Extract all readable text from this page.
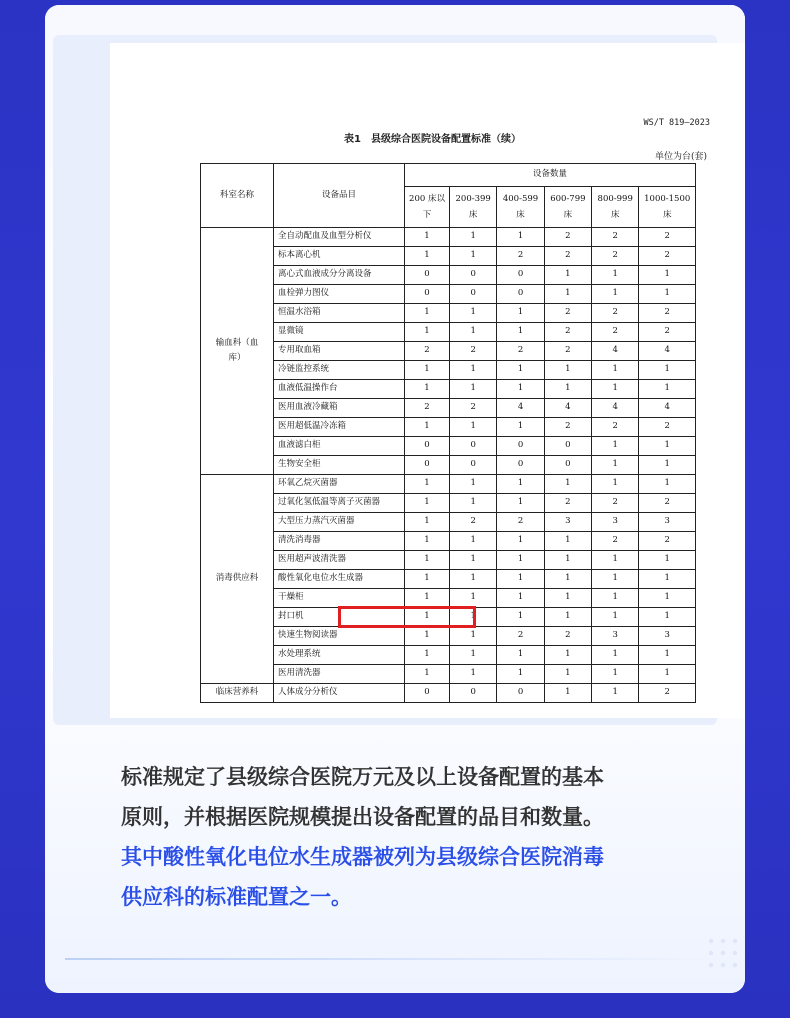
WS/T 819—2023
表1　县级综合医院设备配置标准（续）
单位为台(套)
科室名称	设备品目	设备数量					
		200 床以下	200-399 床	400-599 床	600-799 床	800-999 床	1000-1500 床
输血科（血库）	全自动配血及血型分析仪	1	1	1	2	2	2
	标本离心机	1	1	2	2	2	2
	离心式血液成分分离设备	0	0	0	1	1	1
	血栓弹力图仪	0	0	0	1	1	1
	恒温水浴箱	1	1	1	2	2	2
	显微镜	1	1	1	2	2	2
	专用取血箱	2	2	2	2	4	4
	冷链监控系统	1	1	1	1	1	1
	血液低温操作台	1	1	1	1	1	1
	医用血液冷藏箱	2	2	4	4	4	4
	医用超低温冷冻箱	1	1	1	2	2	2
	血液滤白柜	0	0	0	0	1	1
	生物安全柜	0	0	0	0	1	1
消毒供应科	环氧乙烷灭菌器	1	1	1	1	1	1
	过氧化氢低温等离子灭菌器	1	1	1	2	2	2
	大型压力蒸汽灭菌器	1	2	2	3	3	3
	清洗消毒器	1	1	1	1	2	2
	医用超声波清洗器	1	1	1	1	1	1
	酸性氧化电位水生成器	1	1	1	1	1	1
	干燥柜	1	1	1	1	1	1
	封口机	1	1	1	1	1	1
	快速生物阅读器	1	1	2	2	3	3
	水处理系统	1	1	1	1	1	1
	医用清洗器	1	1	1	1	1	1
临床营养科	人体成分分析仪	0	0	0	1	1	2
标准规定了县级综合医院万元及以上设备配置的基本
原则，并根据医院规模提出设备配置的品目和数量。
其中酸性氧化电位水生成器被列为县级综合医院消毒
供应科的标准配置之一。
